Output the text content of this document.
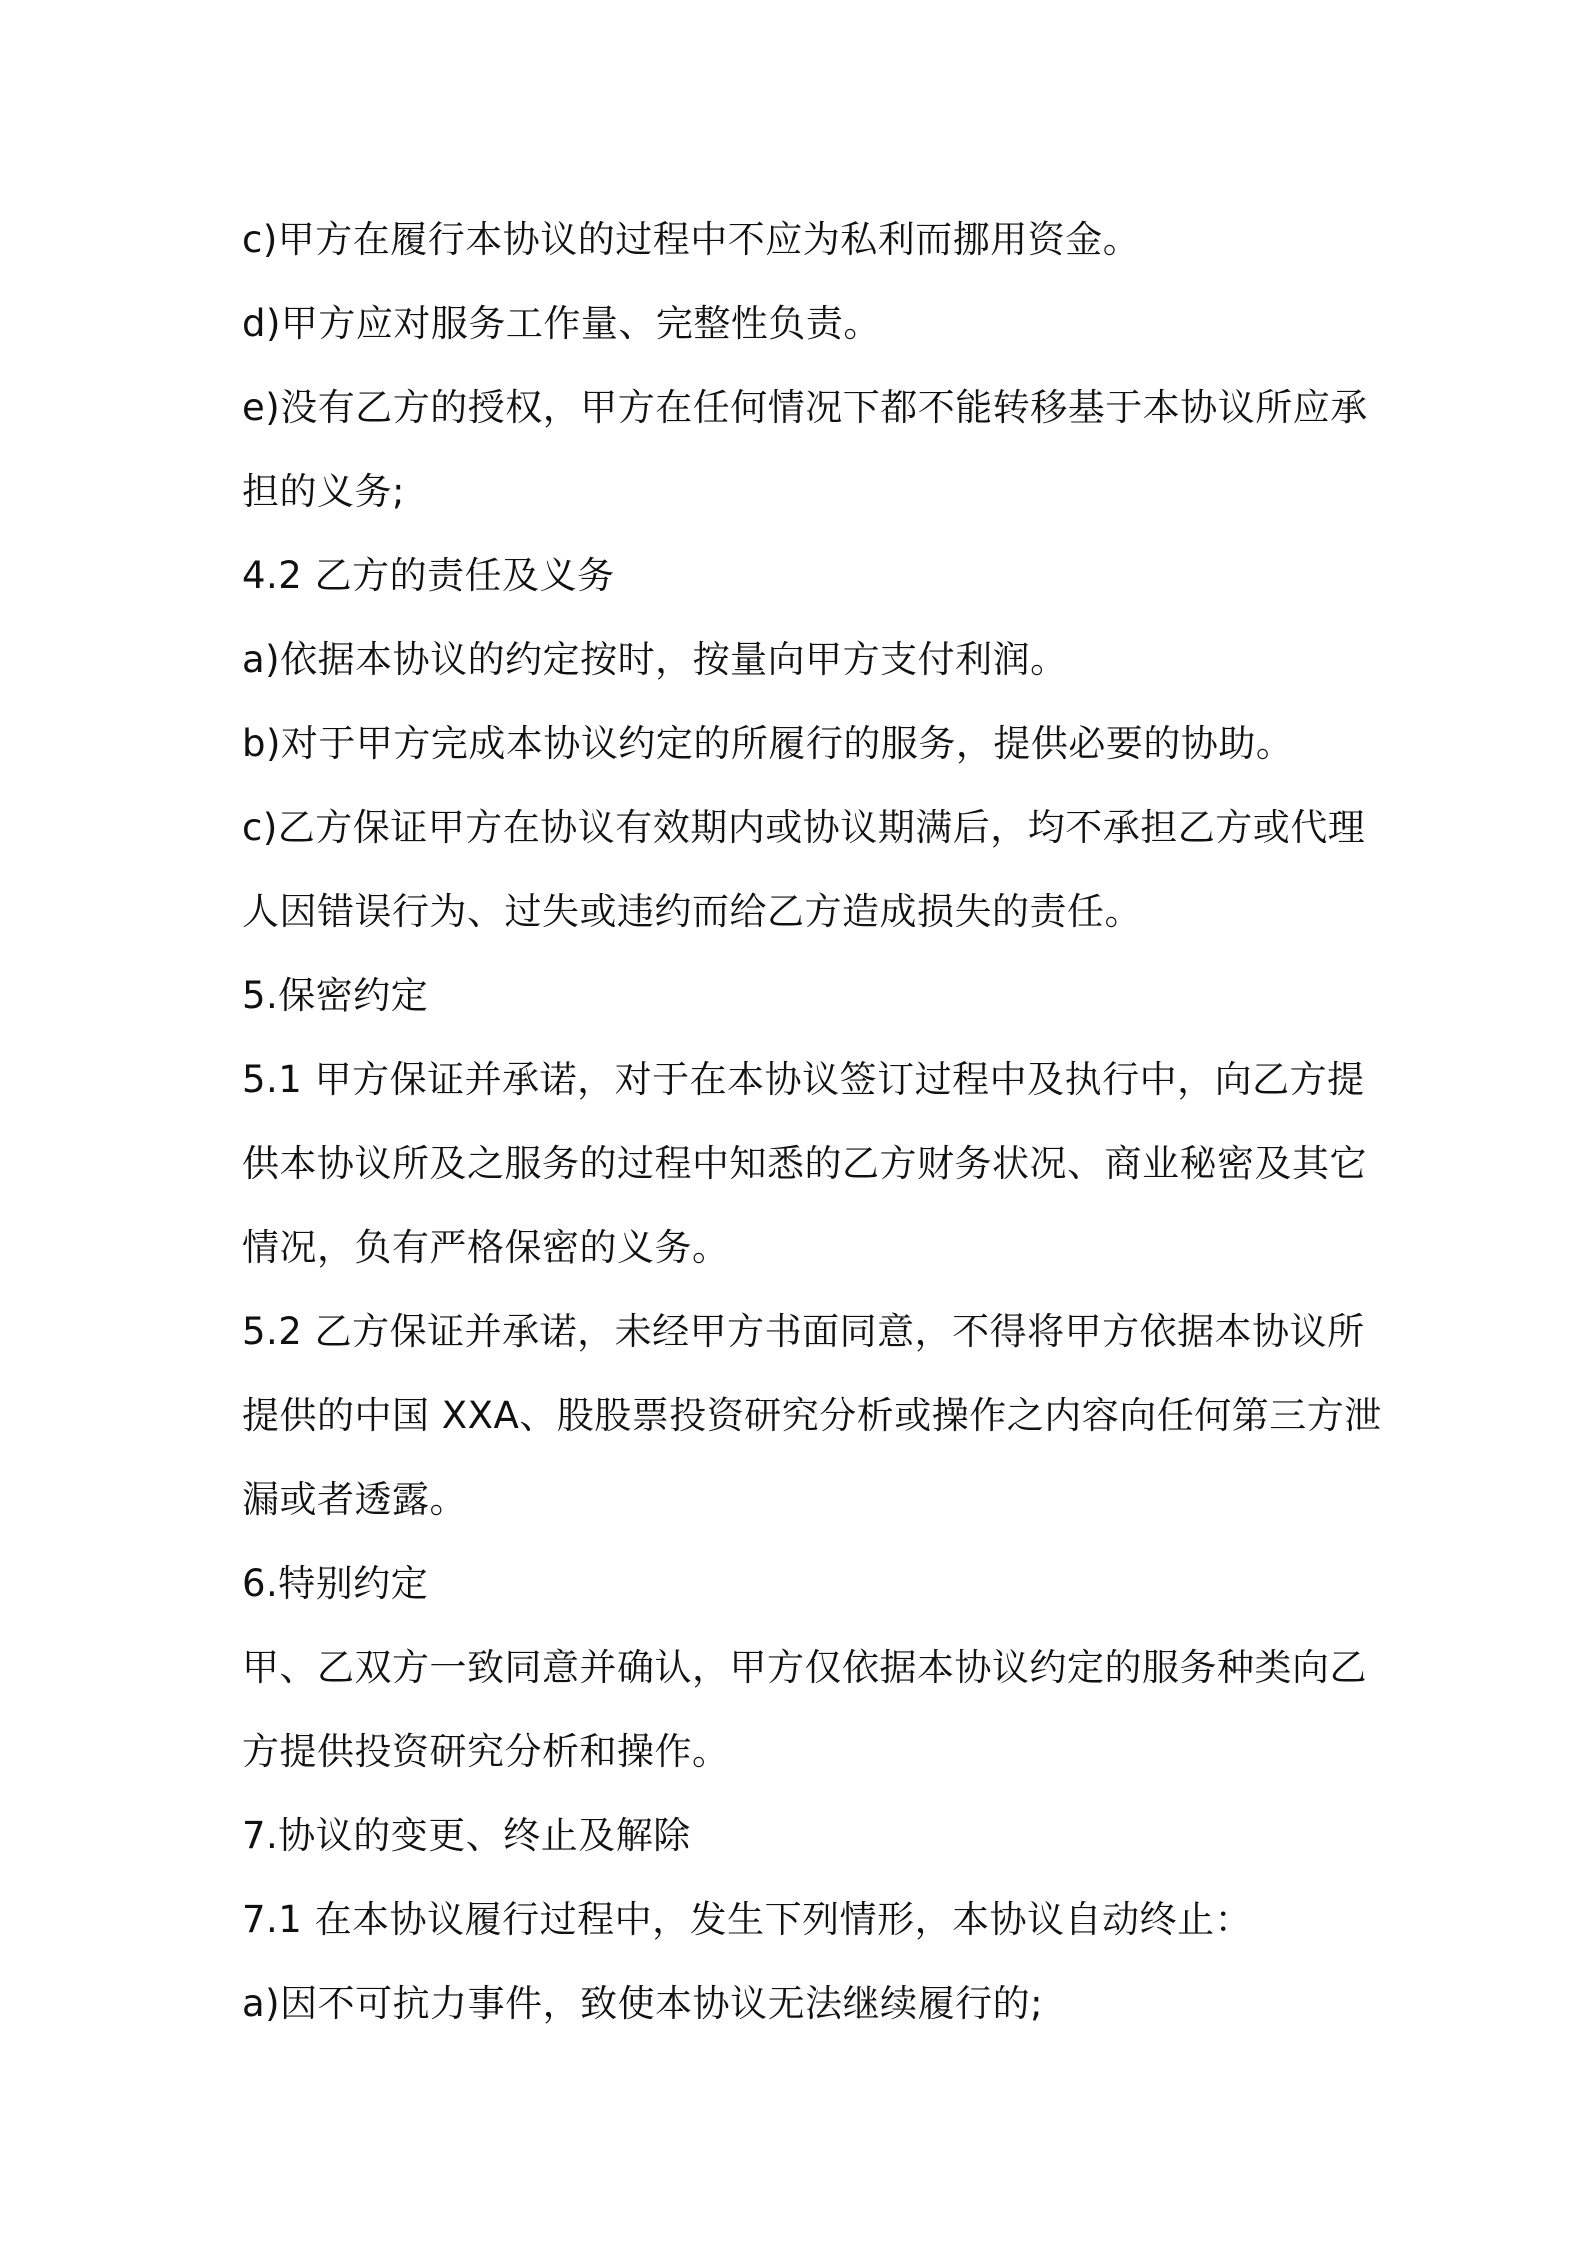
c)甲方在履行本协议的过程中不应为私利而挪用资金。
d)甲方应对服务工作量、完整性负责。
e)没有乙方的授权，甲方在任何情况下都不能转移基于本协议所应承
担的义务;
4.2 乙方的责任及义务
a)依据本协议的约定按时，按量向甲方支付利润。
b)对于甲方完成本协议约定的所履行的服务，提供必要的协助。
c)乙方保证甲方在协议有效期内或协议期满后，均不承担乙方或代理
人因错误行为、过失或违约而给乙方造成损失的责任。
5.保密约定
5.1 甲方保证并承诺，对于在本协议签订过程中及执行中，向乙方提
供本协议所及之服务的过程中知悉的乙方财务状况、商业秘密及其它
情况，负有严格保密的义务。
5.2 乙方保证并承诺，未经甲方书面同意，不得将甲方依据本协议所
提供的中国 XXA、股股票投资研究分析或操作之内容向任何第三方泄
漏或者透露。
6.特别约定
甲、乙双方一致同意并确认，甲方仅依据本协议约定的服务种类向乙
方提供投资研究分析和操作。
7.协议的变更、终止及解除
7.1 在本协议履行过程中，发生下列情形，本协议自动终止：
a)因不可抗力事件，致使本协议无法继续履行的;
